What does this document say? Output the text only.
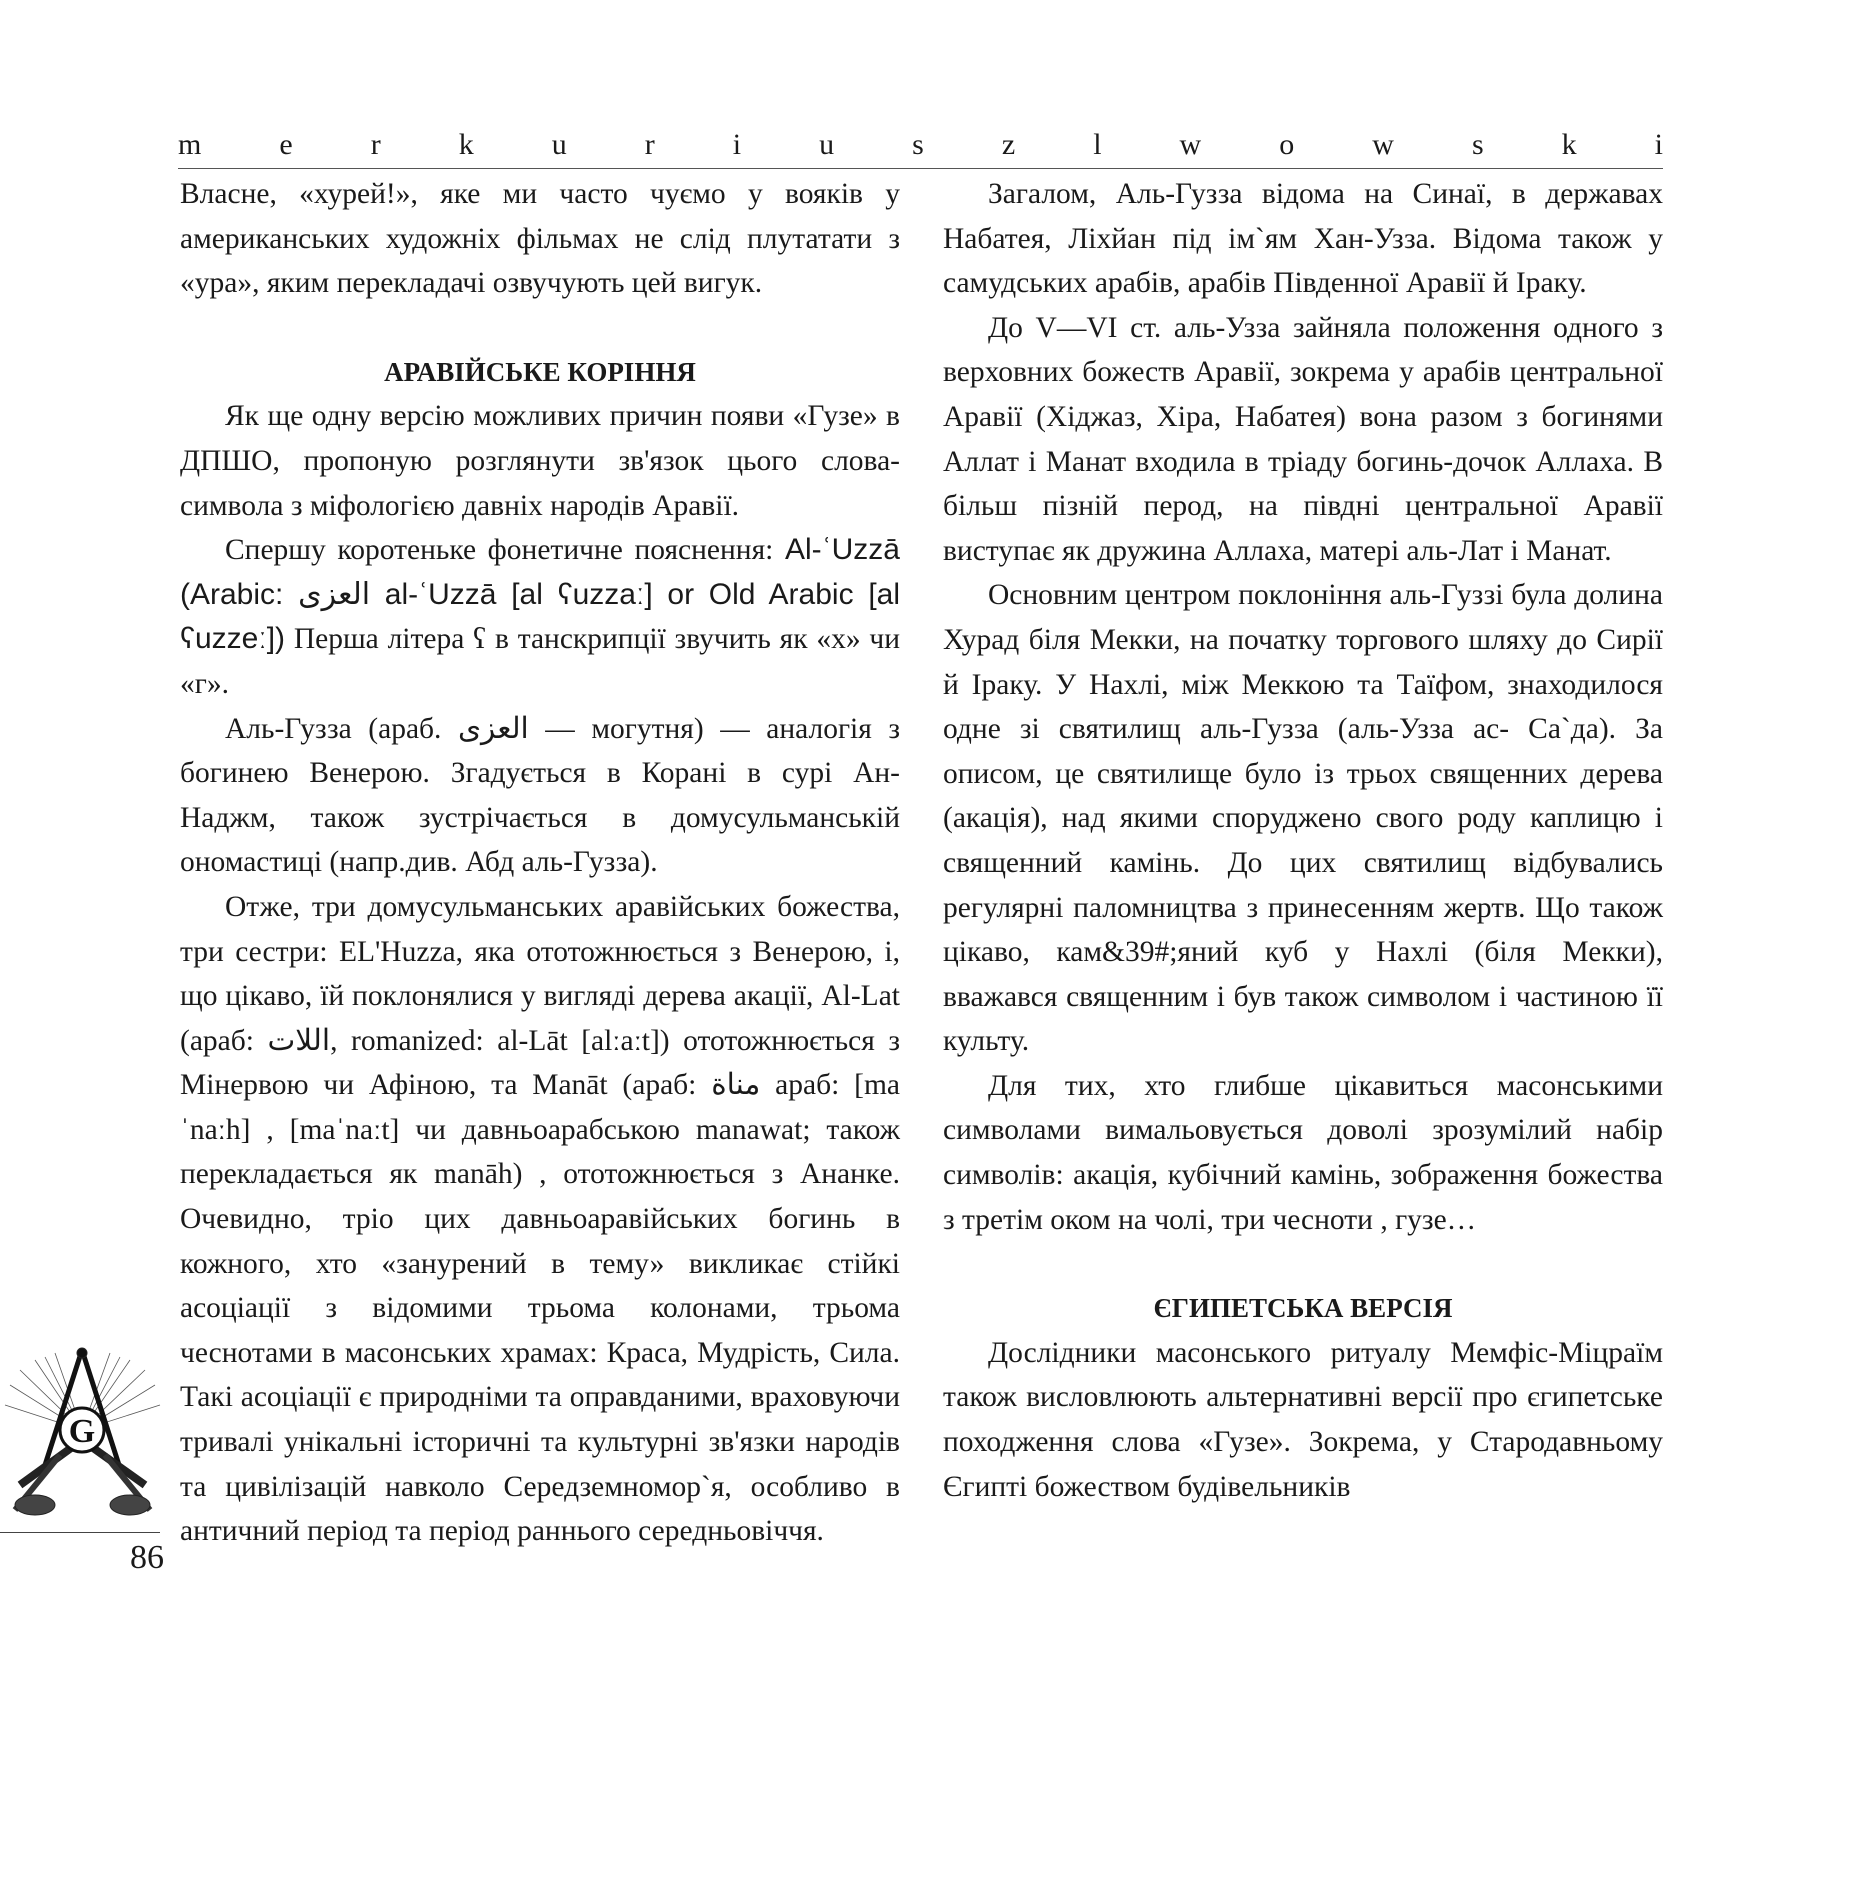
m	e	r	k	u	r	i	u	s	z	l	w	o	w	s	k	i

Власне, «хурей!», яке ми часто чуємо у вояків у американських художніх фільмах не слід плутатати з «ура», яким перекладачі озвучують цей вигук.

АРАВІЙСЬКЕ КОРІННЯ

Як ще одну версію можливих причин появи «Гузе» в ДПШО, пропоную розглянути зв'язок цього слова-символа з міфологією давніх народів Аравії.

Спершу коротеньке фонетичне пояснення: Al-ʿUzzā (Arabic: العزى al-ʿUzzā [al ʕuzzaː] or Old Arabic [al ʕuzzeː]) Перша літера ʕ в танскрипції звучить як «х» чи «г».

Аль-Гузза (араб. العزى — могутня) — аналогія з богинею Венерою. Згадується в Корані в сурі Ан-Наджм, також зустрічається в домусульманській ономастиці (напр.див. Абд аль-Гузза).

Отже, три домусульманських аравійських божества, три сестри: EL'Huzza, яка ототожнюється з Венерою, і, що цікаво, їй поклонялися у вигляді дерева акації, Al-Lat (араб: اللات, romanized: al-Lāt [alːaːt]) ототожнюється з Мінервою чи Афіною, та Manāt (араб: مناة араб: [maˈnaːh] , [maˈnaːt] чи давньоарабською manawat; також перекладається як manāh) , ототожнюється з Ананке. Очевидно, тріо цих давньоаравійських богинь в кожного, хто «занурений в тему» викликає стійкі асоціації з відомими трьома колонами, трьома чеснотами в масонських храмах: Краса, Мудрість, Сила. Такі асоціації є природніми та оправданими, враховуючи тривалі унікальні історичні та культурні зв'язки народів та цивілізацій навколо Середземномор`я, особливо в античний період та період раннього середньовіччя.

Загалом, Аль-Гузза відома на Синаї, в державах Набатея, Ліхйан під ім`ям Хан-Узза. Відома також у самудських арабів, арабів Південної Аравії й Іраку.

До V—VI ст. аль-Узза зайняла положення одного з верховних божеств Аравії, зокрема у арабів центральної Аравії (Хіджаз, Хіра, Набатея) вона разом з богинями Аллат і Манат входила в тріаду богинь-дочок Аллаха. В більш пізній перод, на півдні центральної Аравії виступає як дружина Аллаха, матері аль-Лат і Манат.

Основним центром поклоніння аль-Гуззі була долина Хурад біля Мекки, на початку торгового шляху до Сирії й Іраку. У Нахлі, між Меккою та Таїфом, знаходилося одне зі святилищ аль-Гузза (аль-Узза ас- Са`да). За описом, це святилище було із трьох священних дерева (акація), над якими споруджено свого роду каплицю і священний камінь. До цих святилищ відбувались регулярні паломництва з принесенням жертв. Що також цікаво, кам&39#;яний куб у Нахлі (біля Мекки), вважався священним і був також символом і частиною її культу.

Для тих, хто глибше цікавиться масонськими символами вимальовується доволі зрозумілий набір символів: акація, кубічний камінь, зображення божества з третім оком на чолі, три чесноти , гузе…

ЄГИПЕТСЬКА ВЕРСІЯ

Дослідники масонського ритуалу Мемфіс-Міцраїм також висловлюють альтернативні версії про єгипетське походження слова «Гузе». Зокрема, у Стародавньому Єгипті божеством будівельників

G
86
